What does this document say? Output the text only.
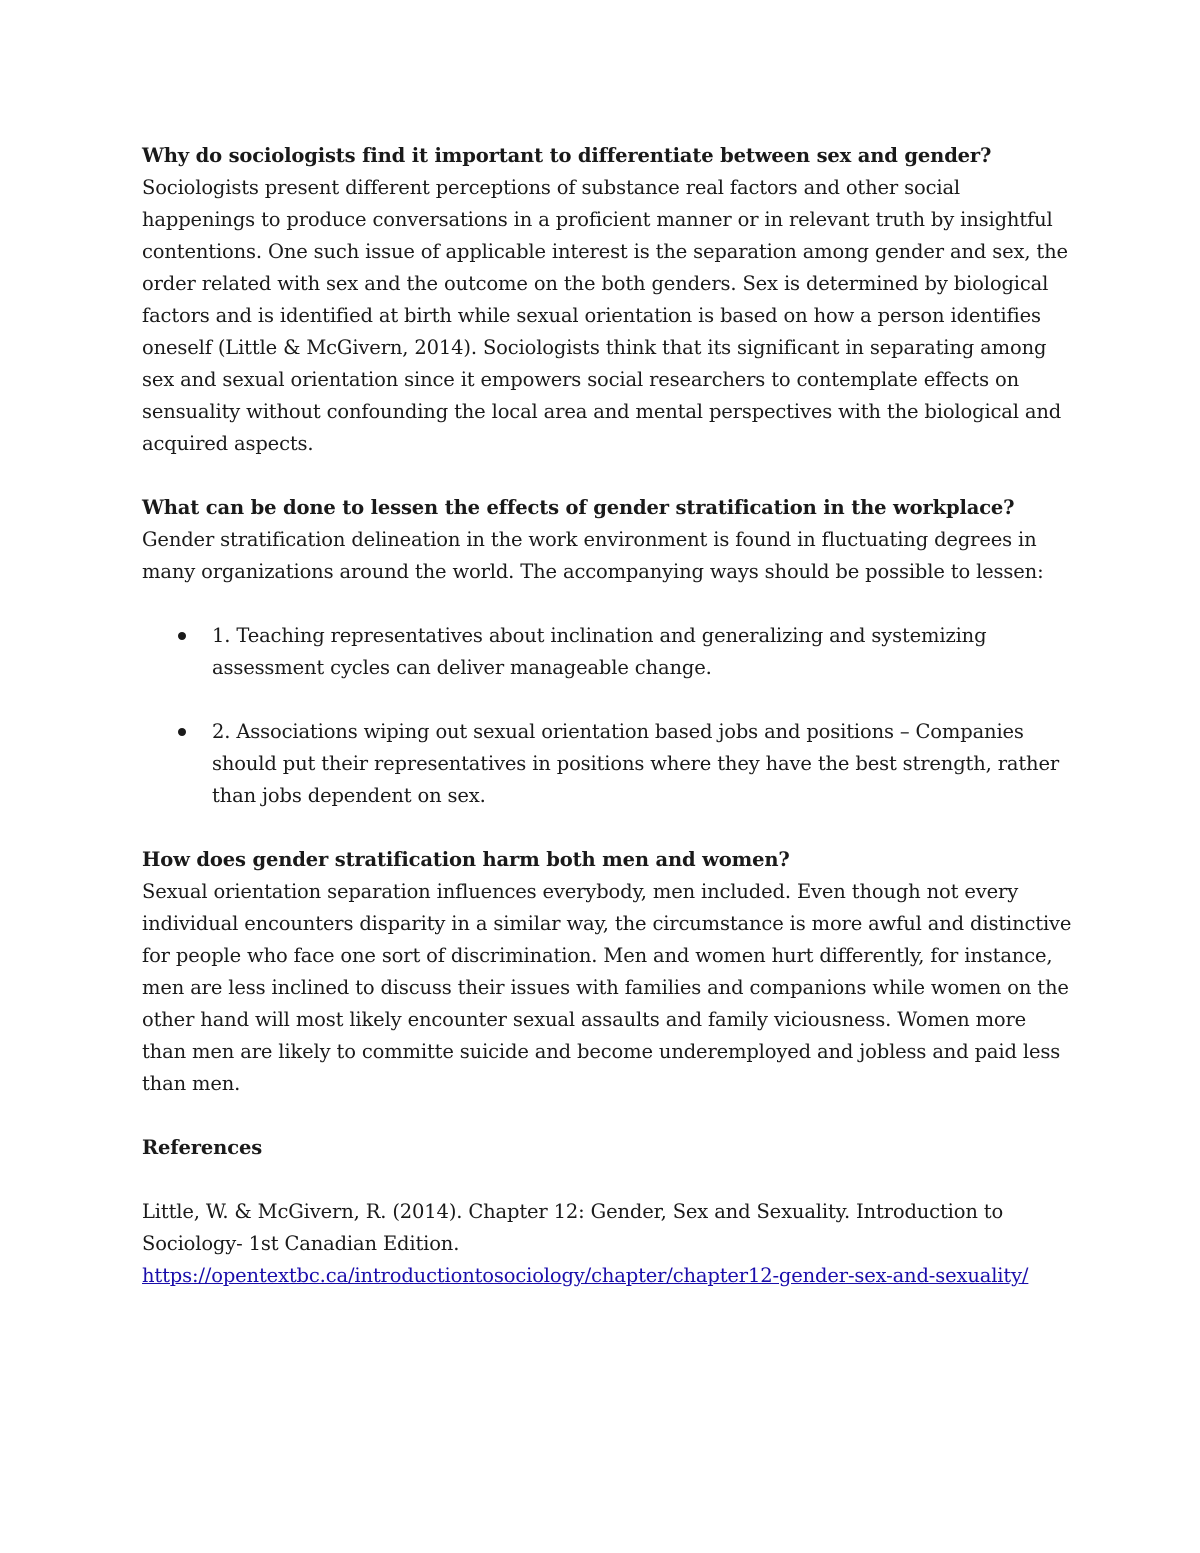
Why do sociologists find it important to differentiate between sex and gender?

Sociologists present different perceptions of substance real factors and other social happenings to produce conversations in a proficient manner or in relevant truth by insightful contentions. One such issue of applicable interest is the separation among gender and sex, the order related with sex and the outcome on the both genders. Sex is determined by biological factors and is identified at birth while sexual orientation is based on how a person identifies oneself (Little & McGivern, 2014). Sociologists think that its significant in separating among sex and sexual orientation since it empowers social researchers to contemplate effects on sensuality without confounding the local area and mental perspectives with the biological and acquired aspects.

What can be done to lessen the effects of gender stratification in the workplace?

Gender stratification delineation in the work environment is found in fluctuating degrees in many organizations around the world. The accompanying ways should be possible to lessen:

1. Teaching representatives about inclination and generalizing and systemizing assessment cycles can deliver manageable change.
2. Associations wiping out sexual orientation based jobs and positions – Companies should put their representatives in positions where they have the best strength, rather than jobs dependent on sex.

How does gender stratification harm both men and women?

Sexual orientation separation influences everybody, men included. Even though not every individual encounters disparity in a similar way, the circumstance is more awful and distinctive for people who face one sort of discrimination. Men and women hurt differently, for instance, men are less inclined to discuss their issues with families and companions while women on the other hand will most likely encounter sexual assaults and family viciousness. Women more than men are likely to committe suicide and become underemployed and jobless and paid less than men.

References

Little, W. & McGivern, R. (2014). Chapter 12: Gender, Sex and Sexuality. Introduction to Sociology- 1st Canadian Edition.

https://opentextbc.ca/introductiontosociology/chapter/chapter12-gender-sex-and-sexuality/
